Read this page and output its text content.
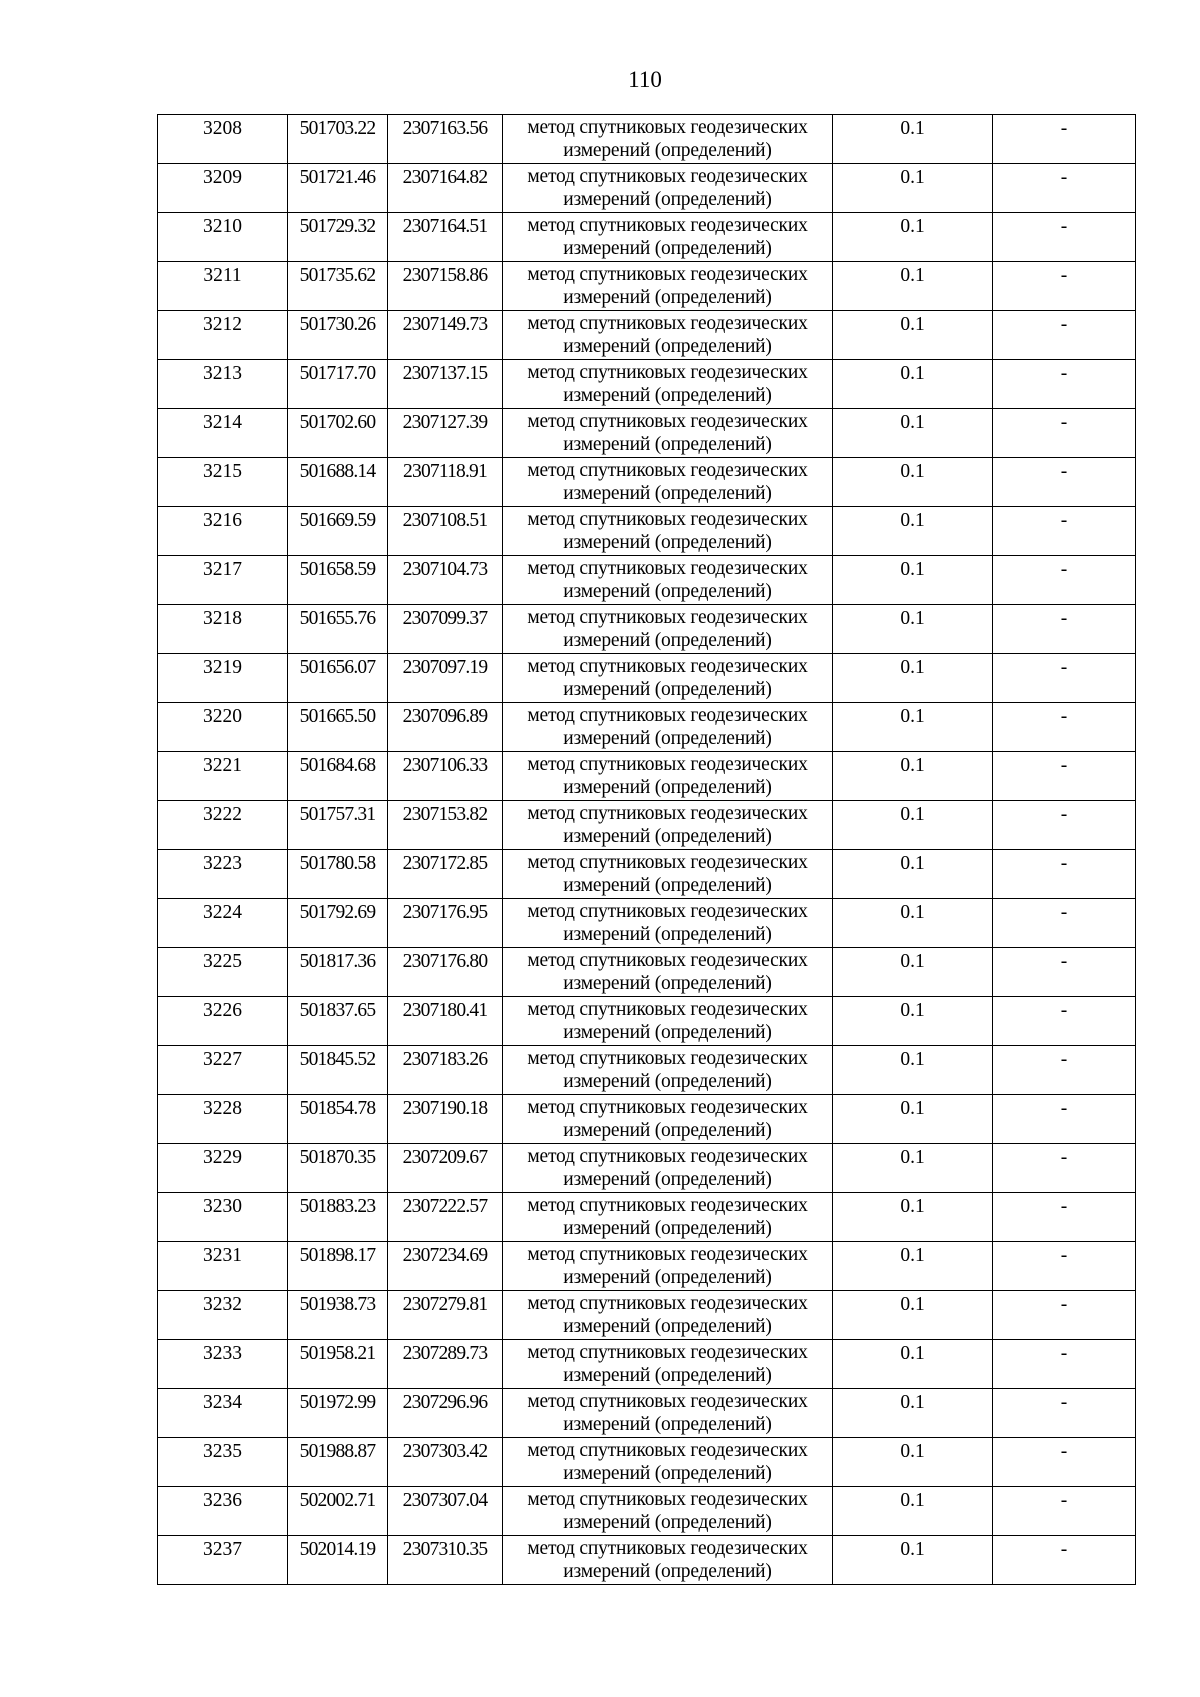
110
3208	501703.22	2307163.56	метод спутниковых геодезических измерений (определений)	0.1	-
3209	501721.46	2307164.82	метод спутниковых геодезических измерений (определений)	0.1	-
3210	501729.32	2307164.51	метод спутниковых геодезических измерений (определений)	0.1	-
3211	501735.62	2307158.86	метод спутниковых геодезических измерений (определений)	0.1	-
3212	501730.26	2307149.73	метод спутниковых геодезических измерений (определений)	0.1	-
3213	501717.70	2307137.15	метод спутниковых геодезических измерений (определений)	0.1	-
3214	501702.60	2307127.39	метод спутниковых геодезических измерений (определений)	0.1	-
3215	501688.14	2307118.91	метод спутниковых геодезических измерений (определений)	0.1	-
3216	501669.59	2307108.51	метод спутниковых геодезических измерений (определений)	0.1	-
3217	501658.59	2307104.73	метод спутниковых геодезических измерений (определений)	0.1	-
3218	501655.76	2307099.37	метод спутниковых геодезических измерений (определений)	0.1	-
3219	501656.07	2307097.19	метод спутниковых геодезических измерений (определений)	0.1	-
3220	501665.50	2307096.89	метод спутниковых геодезических измерений (определений)	0.1	-
3221	501684.68	2307106.33	метод спутниковых геодезических измерений (определений)	0.1	-
3222	501757.31	2307153.82	метод спутниковых геодезических измерений (определений)	0.1	-
3223	501780.58	2307172.85	метод спутниковых геодезических измерений (определений)	0.1	-
3224	501792.69	2307176.95	метод спутниковых геодезических измерений (определений)	0.1	-
3225	501817.36	2307176.80	метод спутниковых геодезических измерений (определений)	0.1	-
3226	501837.65	2307180.41	метод спутниковых геодезических измерений (определений)	0.1	-
3227	501845.52	2307183.26	метод спутниковых геодезических измерений (определений)	0.1	-
3228	501854.78	2307190.18	метод спутниковых геодезических измерений (определений)	0.1	-
3229	501870.35	2307209.67	метод спутниковых геодезических измерений (определений)	0.1	-
3230	501883.23	2307222.57	метод спутниковых геодезических измерений (определений)	0.1	-
3231	501898.17	2307234.69	метод спутниковых геодезических измерений (определений)	0.1	-
3232	501938.73	2307279.81	метод спутниковых геодезических измерений (определений)	0.1	-
3233	501958.21	2307289.73	метод спутниковых геодезических измерений (определений)	0.1	-
3234	501972.99	2307296.96	метод спутниковых геодезических измерений (определений)	0.1	-
3235	501988.87	2307303.42	метод спутниковых геодезических измерений (определений)	0.1	-
3236	502002.71	2307307.04	метод спутниковых геодезических измерений (определений)	0.1	-
3237	502014.19	2307310.35	метод спутниковых геодезических измерений (определений)	0.1	-
